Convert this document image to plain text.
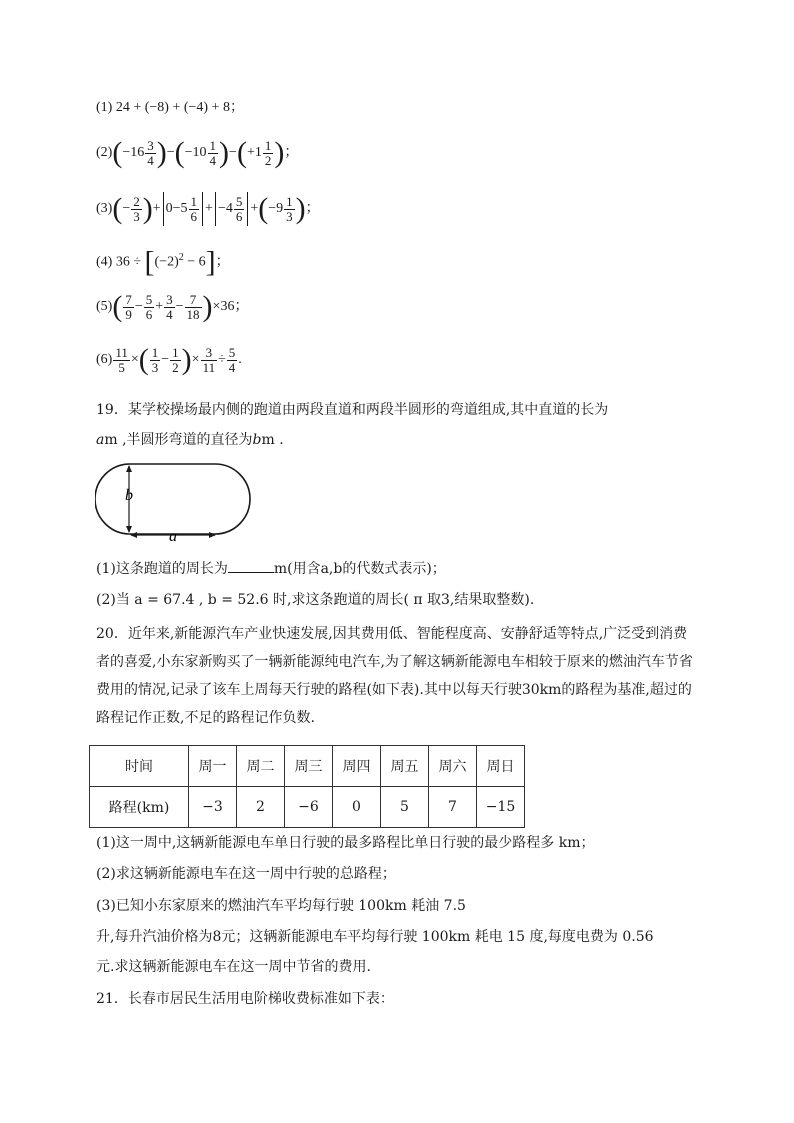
(1) 24 + (−8) + (−4) + 8；
$(2)(-16 \frac{3}{4} )-(-10 \frac{1}{4} )-(+1 \frac{1}{2}$ )；
$(3)(- \frac{2}{3}$ )+ $0-5 \frac{1}{6} + -4 \frac{5}{6} +(-9 \frac{1}{3}$ )；
(4) $36 \div [(-2)^2 - 6]$；
$(5)( \frac{7}{9} - \frac{5}{6} + \frac{3}{4} - \frac{7}{18} )\times 36$；
$(6) \frac{11}{5}$ ×( $\frac{1}{3} - \frac{1}{2}$ )× $\frac{3}{11} \div \frac{5}{4}$ .
19．某学校操场最内侧的跑道由两段直道和两段半圆形的弯道组成,其中直道的长为
am ,半圆形弯道的直径为bm .
b
a
(1)这条跑道的周长为	m(用含a,b的代数式表示)；
(2)当 a = 67.4 , b = 52.6 时,求这条跑道的周长( π 取3,结果取整数).
20．近年来,新能源汽车产业快速发展,因其费用低、智能程度高、安静舒适等特点,广泛受到消费者的喜爱,小东家新购买了一辆新能源纯电汽车,为了解这辆新能源电车相较于原来的燃油汽车节省费用的情况,记录了该车上周每天行驶的路程(如下表).其中以每天行驶30km的路程为基准,超过的路程记作正数,不足的路程记作负数.
时间	周一	周二	周三	周四	周五	周六	周日
路程(km)	−3	2	−6	0	5	7	−15
(1)这一周中,这辆新能源电车单日行驶的最多路程比单日行驶的最少路程多 km；
(2)求这辆新能源电车在这一周中行驶的总路程；
(3)已知小东家原来的燃油汽车平均每行驶 100km 耗油 7.5
升,每升汽油价格为8元；这辆新能源电车平均每行驶 100km 耗电 15 度,每度电费为 0.56
元.求这辆新能源电车在这一周中节省的费用.
21．长春市居民生活用电阶梯收费标准如下表：
